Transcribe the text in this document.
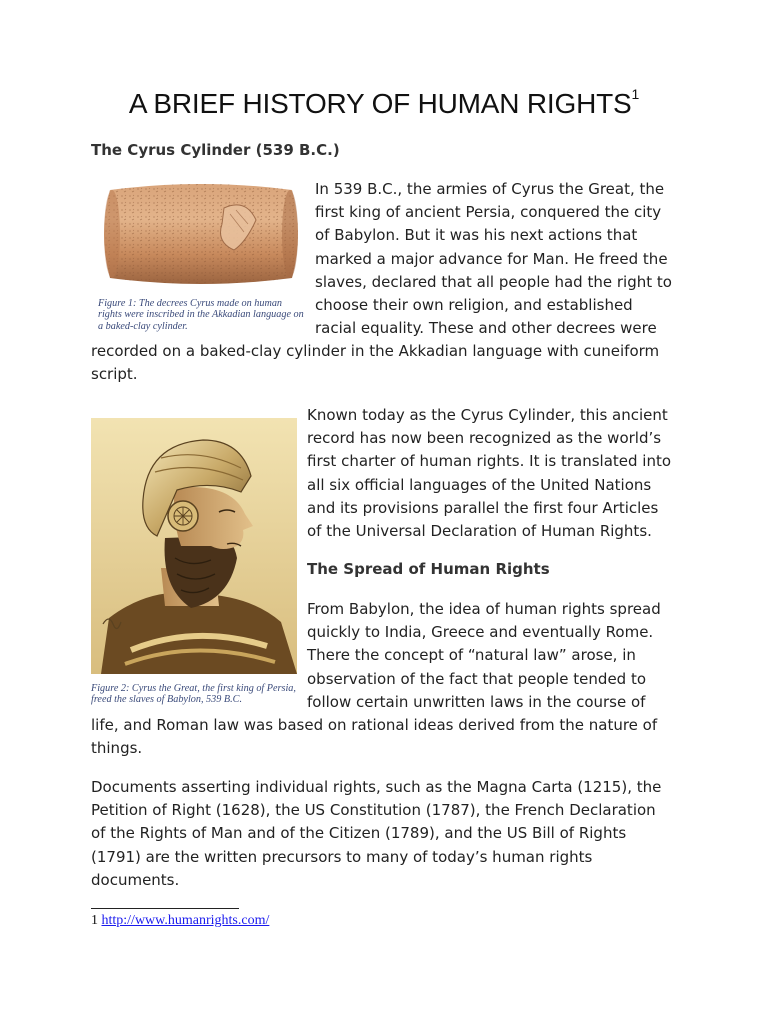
A BRIEF HISTORY OF HUMAN RIGHTS$^1$
The Cyrus Cylinder (539 B.C.)

Figure 1: The decrees Cyrus made on human rights were inscribed in the Akkadian language on a baked-clay cylinder.

In 539 B.C., the armies of Cyrus the Great, the
first king of ancient Persia, conquered the city
of Babylon. But it was his next actions that
marked a major advance for Man. He freed the
slaves, declared that all people had the right to
choose their own religion, and established
racial equality. These and other decrees were

recorded on a baked-clay cylinder in the Akkadian language with cuneiform
script.

Figure 2: Cyrus the Great, the first king of Persia, freed the slaves of Babylon, 539 B.C.

Known today as the Cyrus Cylinder, this ancient
record has now been recognized as the world’s
first charter of human rights. It is translated into
all six official languages of the United Nations
and its provisions parallel the first four Articles
of the Universal Declaration of Human Rights.

The Spread of Human Rights

From Babylon, the idea of human rights spread
quickly to India, Greece and eventually Rome.
There the concept of “natural law” arose, in
observation of the fact that people tended to
follow certain unwritten laws in the course of

life, and Roman law was based on rational ideas derived from the nature of
things.

Documents asserting individual rights, such as the Magna Carta (1215), the
Petition of Right (1628), the US Constitution (1787), the French Declaration
of the Rights of Man and of the Citizen (1789), and the US Bill of Rights
(1791) are the written precursors to many of today’s human rights
documents.

1 http://www.humanrights.com/
